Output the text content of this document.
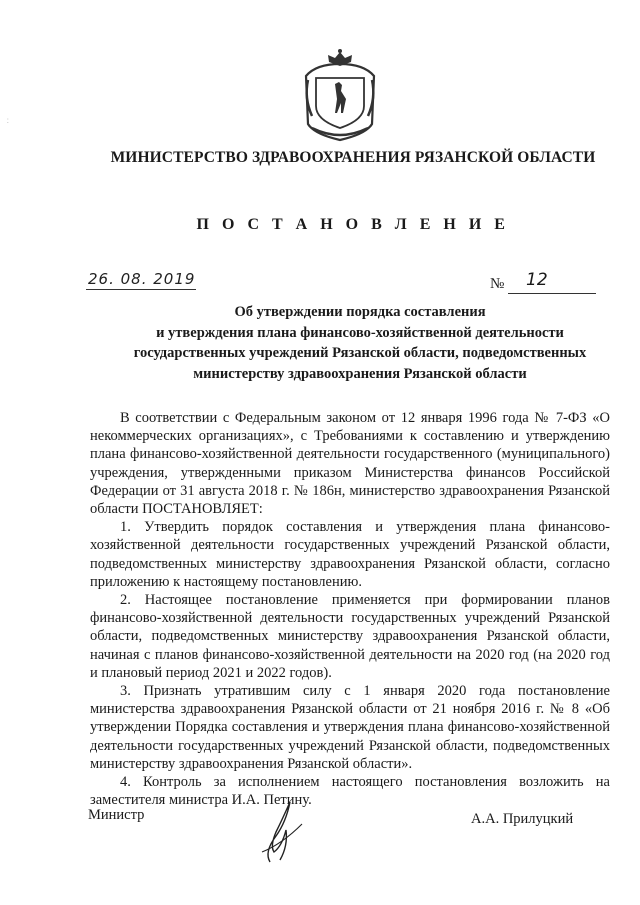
· ·
МИНИСТЕРСТВО ЗДРАВООХРАНЕНИЯ РЯЗАНСКОЙ ОБЛАСТИ
П О С Т А Н О В Л Е Н И Е
26. 08. 2019	№ 12
Об утверждении порядка составления
и утверждения плана финансово-хозяйственной деятельности
государственных учреждений Рязанской области, подведомственных
министерству здравоохранения Рязанской области

В соответствии с Федеральным законом от 12 января 1996 года № 7-ФЗ «О некоммерческих организациях», с Требованиями к составлению и утверждению плана финансово-хозяйственной деятельности государственного (муниципального) учреждения, утвержденными приказом Министерства финансов Российской Федерации от 31 августа 2018 г. № 186н, министерство здравоохранения Рязанской области ПОСТАНОВЛЯЕТ:

1. Утвердить порядок составления и утверждения плана финансово-хозяйственной деятельности государственных учреждений Рязанской области, подведомственных министерству здравоохранения Рязанской области, согласно приложению к настоящему постановлению.

2. Настоящее постановление применяется при формировании планов финансово-хозяйственной деятельности государственных учреждений Рязанской области, подведомственных министерству здравоохранения Рязанской области, начиная с планов финансово-хозяйственной деятельности на 2020 год (на 2020 год и плановый период 2021 и 2022 годов).

3. Признать утратившим силу с 1 января 2020 года постановление министерства здравоохранения Рязанской области от 21 ноября 2016 г. № 8 «Об утверждении Порядка составления и утверждения плана финансово-хозяйственной деятельности государственных учреждений Рязанской области, подведомственных министерству здравоохранения Рязанской области».

4. Контроль за исполнением настоящего постановления возложить на заместителя министра И.А. Петину.

Министр	А.А. Прилуцкий
